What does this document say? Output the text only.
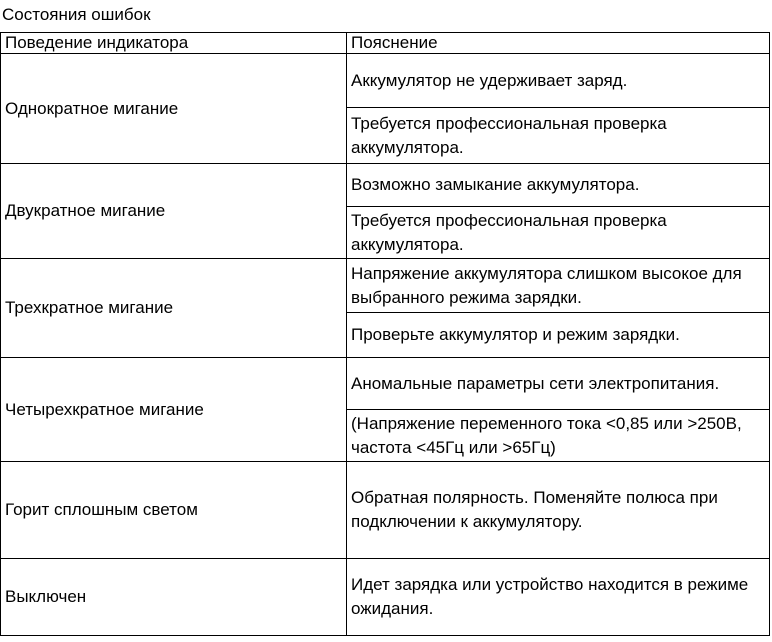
Состояния ошибок
Поведение индикатора	Пояснение
Однократное мигание	Аккумулятор не удерживает заряд.
	Требуется профессиональная проверка аккумулятора.
Двукратное мигание	Возможно замыкание аккумулятора.
	Требуется профессиональная проверка аккумулятора.
Трехкратное мигание	Напряжение аккумулятора слишком высокое для выбранного режима зарядки.
	Проверьте аккумулятор и режим зарядки.
Четырехкратное мигание	Аномальные параметры сети электропитания.
	(Напряжение переменного тока <0,85 или >250В, частота <45Гц или >65Гц)
Горит сплошным светом	Обратная полярность. Поменяйте полюса при подключении к аккумулятору.
Выключен	Идет зарядка или устройство находится в режиме ожидания.
